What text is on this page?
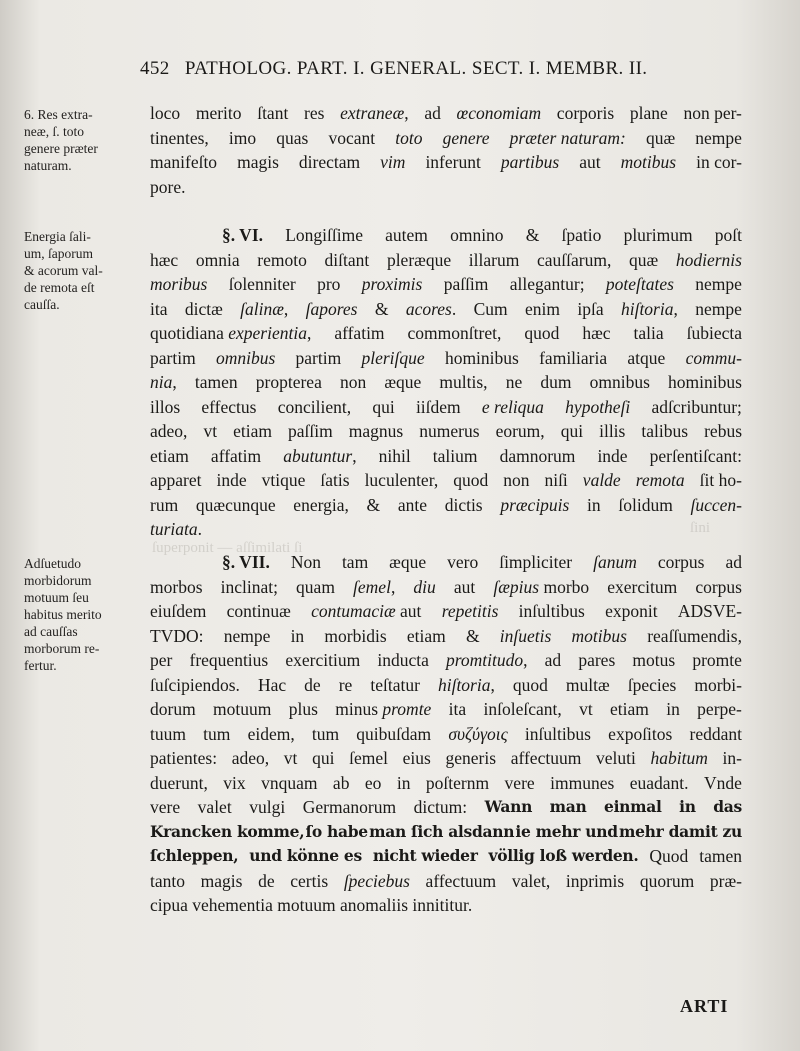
452 PATHOLOG. PART. I. GENERAL. SECT. I. MEMBR. II.
ſini
ſuperponit — aſſimilati ſi
6. Res extra-
neæ, ſ. toto
genere præter
naturam.
Energia ſali-
um, ſaporum
& acorum val-
de remota eſt
cauſſa.
Adſuetudo
morbidorum
motuum ſeu
habitus merito
ad cauſſas
morborum re-
fertur.
loco merito ſtant res extraneæ, ad œconomiam corporis plane non per-
tinentes, imo quas vocant toto genere præter naturam: quæ nempe
manifeſto magis directam vim inferunt partibus aut motibus in cor-
pore.
§. VI. Longiſſime autem omnino & ſpatio plurimum poſt
hæc omnia remoto diſtant pleræque illarum cauſſarum, quæ hodiernis
moribus ſolenniter pro proximis paſſim allegantur; poteſtates nempe
ita dictæ ſalinæ, ſapores & acores. Cum enim ipſa hiſtoria, nempe
quotidiana experientia, affatim commonſtret, quod hæc talia ſubiecta
partim omnibus partim pleriſque hominibus familiaria atque commu-
nia, tamen propterea non æque multis, ne dum omnibus hominibus
illos effectus concilient, qui iiſdem e reliqua hypotheſi adſcribuntur;
adeo, vt etiam paſſim magnus numerus eorum, qui illis talibus rebus
etiam affatim abutuntur, nihil talium damnorum inde perſentiſcant:
apparet inde vtique ſatis luculenter, quod non niſi valde remota ſit ho-
rum quæcunque energia, & ante dictis præcipuis in ſolidum ſuccen-
turiata.
§. VII. Non tam æque vero ſimpliciter ſanum corpus ad
morbos inclinat; quam ſemel, diu aut ſæpius morbo exercitum corpus
eiuſdem continuæ contumaciæ aut repetitis inſultibus exponit ADSVE-
TVDO: nempe in morbidis etiam & inſuetis motibus reaſſumendis,
per frequentius exercitium inducta promtitudo, ad pares motus promte
ſuſcipiendos. Hac de re teſtatur hiſtoria, quod multæ ſpecies morbi-
dorum motuum plus minus promte ita inſoleſcant, vt etiam in perpe-
tuum tum eidem, tum quibuſdam συζύγοις inſultibus expoſitos reddant
patientes: adeo, vt qui ſemel eius generis affectuum veluti habitum in-
duerunt, vix vnquam ab eo in poſternm vere immunes euadant. Vnde
vere valet vulgi Germanorum dictum: Wann man einmal in das
Krancken komme, ſo habe man ſich alsdann ie mehr und mehr damit zu
ſchleppen, und könne es nicht wieder völlig loß werden. Quod tamen
tanto magis de certis ſpeciebus affectuum valet, inprimis quorum præ-
cipua vehementia motuum anomaliis innititur.
ARTI
